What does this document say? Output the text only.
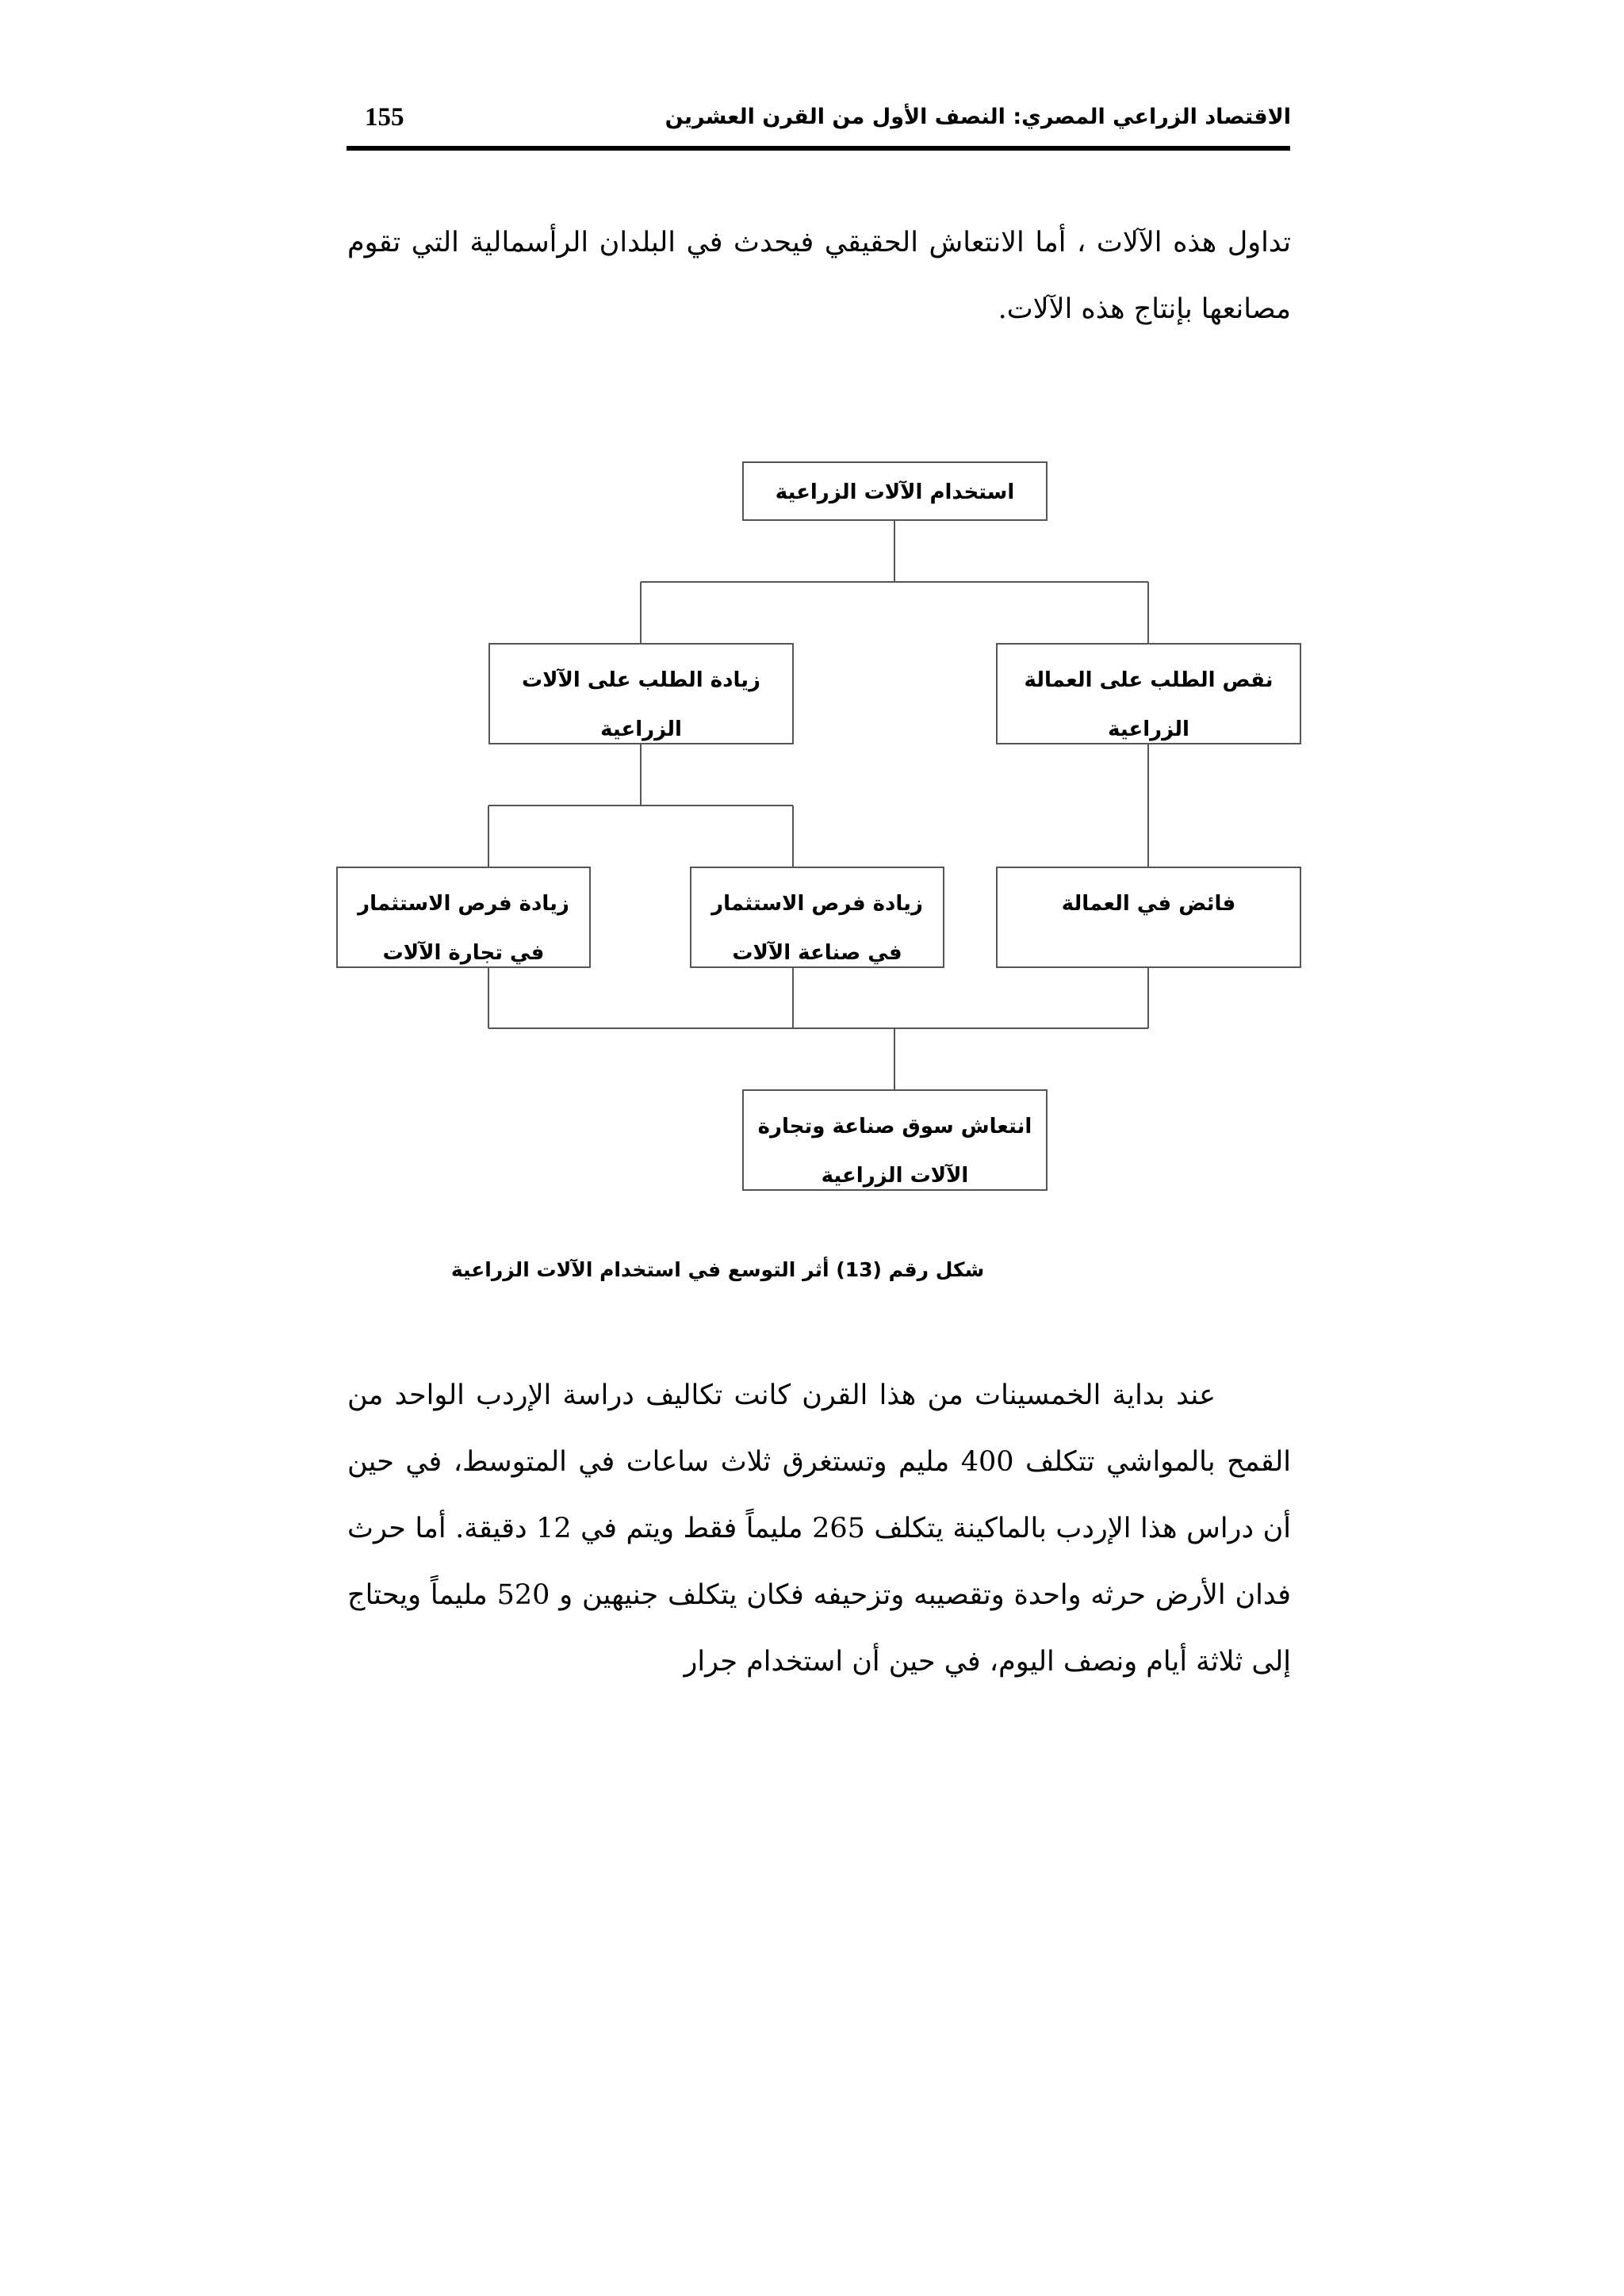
الاقتصاد الزراعي المصري: النصف الأول من القرن العشرين
155

تداول هذه الآلات ، أما الانتعاش الحقيقي فيحدث في البلدان الرأسمالية التي تقوم مصانعها بإنتاج هذه الآلات.

استخدام الآلات الزراعية
زيادة الطلب على الآلات الزراعية
نقص الطلب على العمالة الزراعية
زيادة فرص الاستثمار في تجارة الآلات
زيادة فرص الاستثمار في صناعة الآلات
فائض في العمالة
انتعاش سوق صناعة وتجارة الآلات الزراعية
شكل رقم (13) أثر التوسع في استخدام الآلات الزراعية

عند بداية الخمسينات من هذا القرن كانت تكاليف دراسة الإردب الواحد من القمح بالمواشي تتكلف 400 مليم وتستغرق ثلاث ساعات في المتوسط، في حين أن دراس هذا الإردب بالماكينة يتكلف 265 مليماً فقط ويتم في 12 دقيقة. أما حرث فدان الأرض حرثه واحدة وتقصيبه وتزحيفه فكان يتكلف جنيهين و 520 مليماً ويحتاج إلى ثلاثة أيام ونصف اليوم، في حين أن استخدام جرار
